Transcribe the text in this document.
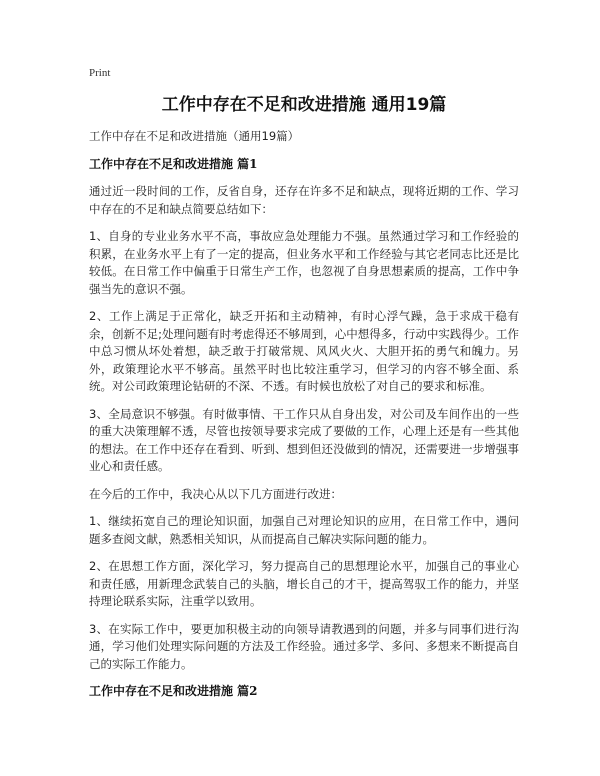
Print
工作中存在不足和改进措施 通用19篇
工作中存在不足和改进措施（通用19篇）
工作中存在不足和改进措施 篇1

通过近一段时间的工作，反省自身，还存在许多不足和缺点，现将近期的工作、学习中存在的不足和缺点简要总结如下：

1、自身的专业业务水平不高，事故应急处理能力不强。虽然通过学习和工作经验的积累，在业务水平上有了一定的提高，但业务水平和工作经验与其它老同志比还是比较低。在日常工作中偏重于日常生产工作，也忽视了自身思想素质的提高，工作中争强当先的意识不强。

2、工作上满足于正常化，缺乏开拓和主动精神，有时心浮气躁，急于求成干稳有余，创新不足;处理问题有时考虑得还不够周到，心中想得多，行动中实践得少。工作中总习惯从坏处着想，缺乏敢于打破常规、风风火火、大胆开拓的勇气和魄力。另外，政策理论水平不够高。虽然平时也比较注重学习，但学习的内容不够全面、系统。对公司政策理论钻研的不深、不透。有时候也放松了对自己的要求和标准。

3、全局意识不够强。有时做事情、干工作只从自身出发，对公司及车间作出的一些的重大决策理解不透，尽管也按领导要求完成了要做的工作，心理上还是有一些其他的想法。在工作中还存在看到、听到、想到但还没做到的情况，还需要进一步增强事业心和责任感。

在今后的工作中，我决心从以下几方面进行改进：

1、继续拓宽自己的理论知识面，加强自己对理论知识的应用，在日常工作中，遇问题多查阅文献，熟悉相关知识，从而提高自己解决实际问题的能力。

2、在思想工作方面，深化学习，努力提高自己的思想理论水平，加强自己的事业心和责任感，用新理念武装自己的头脑，增长自己的才干，提高驾驭工作的能力，并坚持理论联系实际，注重学以致用。

3、在实际工作中，要更加积极主动的向领导请教遇到的问题，并多与同事们进行沟通，学习他们处理实际问题的方法及工作经验。通过多学、多问、多想来不断提高自己的实际工作能力。

工作中存在不足和改进措施 篇2
